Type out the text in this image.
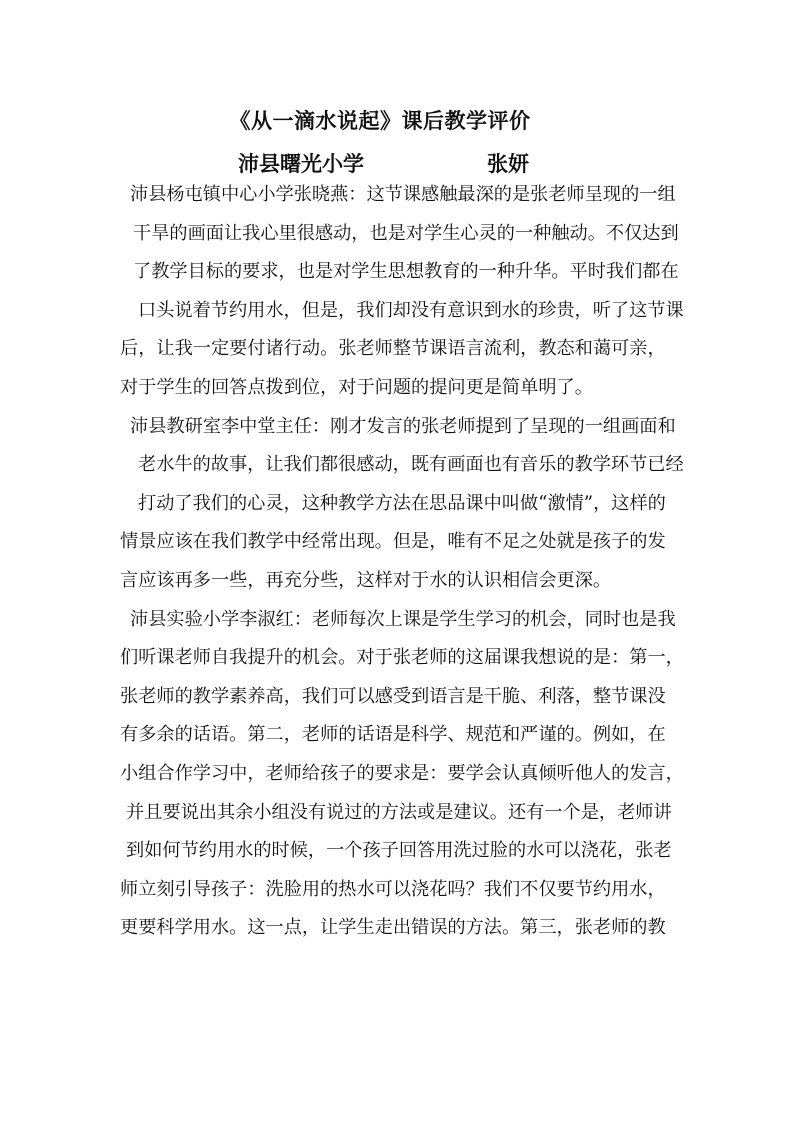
《从一滴水说起》课后教学评价
沛县曙光小学	张妍
沛县杨屯镇中心小学张晓燕：这节课感触最深的是张老师呈现的一组
干旱的画面让我心里很感动，也是对学生心灵的一种触动。不仅达到
了教学目标的要求，也是对学生思想教育的一种升华。平时我们都在
口头说着节约用水，但是，我们却没有意识到水的珍贵，听了这节课
后，让我一定要付诸行动。张老师整节课语言流利，教态和蔼可亲，
对于学生的回答点拨到位，对于问题的提问更是简单明了。
沛县教研室李中堂主任：刚才发言的张老师提到了呈现的一组画面和
老水牛的故事，让我们都很感动，既有画面也有音乐的教学环节已经
打动了我们的心灵，这种教学方法在思品课中叫做“激情”，这样的
情景应该在我们教学中经常出现。但是，唯有不足之处就是孩子的发
言应该再多一些，再充分些，这样对于水的认识相信会更深。
沛县实验小学李淑红：老师每次上课是学生学习的机会，同时也是我
们听课老师自我提升的机会。对于张老师的这届课我想说的是：第一，
张老师的教学素养高，我们可以感受到语言是干脆、利落，整节课没
有多余的话语。第二，老师的话语是科学、规范和严谨的。例如，在
小组合作学习中，老师给孩子的要求是：要学会认真倾听他人的发言，
并且要说出其余小组没有说过的方法或是建议。还有一个是，老师讲
到如何节约用水的时候，一个孩子回答用洗过脸的水可以浇花，张老
师立刻引导孩子：洗脸用的热水可以浇花吗？我们不仅要节约用水，
更要科学用水。这一点，让学生走出错误的方法。第三，张老师的教
